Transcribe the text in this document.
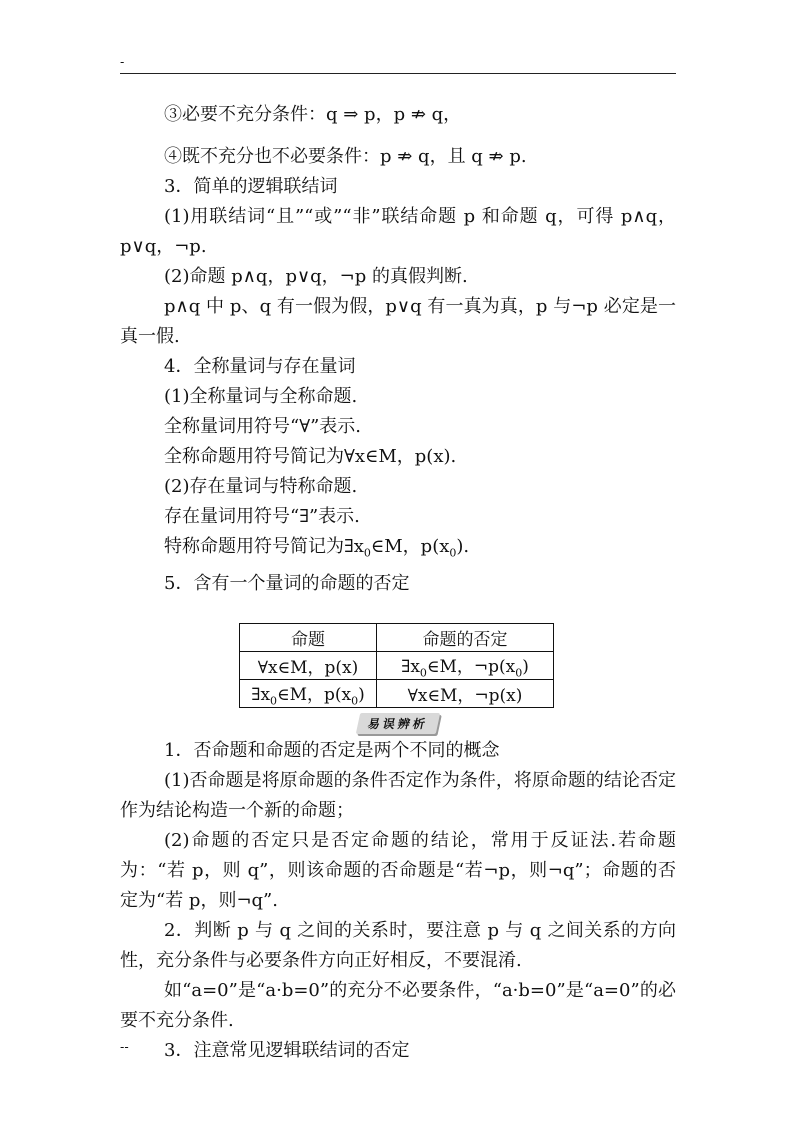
-

③必要不充分条件：q ⇒ p，p ⇏ q，

④既不充分也不必要条件：p ⇏ q，且 q ⇏ p.

3．简单的逻辑联结词

(1)用联结词“且”“或”“非”联结命题 p 和命题 q，可得 p∧q，p∨q，¬p.

(2)命题 p∧q，p∨q，¬p 的真假判断.

p∧q 中 p、q 有一假为假，p∨q 有一真为真，p 与¬p 必定是一真一假.

4．全称量词与存在量词

(1)全称量词与全称命题.

全称量词用符号“∀”表示.

全称命题用符号简记为∀x∈M，p(x).

(2)存在量词与特称命题.

存在量词用符号“∃”表示.

特称命题用符号简记为$\exists x_0\in M$，$p(x_0)$.

5．含有一个量词的命题的否定

命题	命题的否定
∀x∈M，p(x)	$\exists x_0\in M$，$\neg p(x_0)$
$\exists x_0\in M$，$p(x_0)$	∀x∈M，¬p(x)
易误辨析

1．否命题和命题的否定是两个不同的概念

(1)否命题是将原命题的条件否定作为条件，将原命题的结论否定作为结论构造一个新的命题；

(2)命题的否定只是否定命题的结论，常用于反证法.若命题为：“若 p，则 q”，则该命题的否命题是“若¬p，则¬q”；命题的否定为“若 p，则¬q”.

2．判断 p 与 q 之间的关系时，要注意 p 与 q 之间关系的方向性，充分条件与必要条件方向正好相反，不要混淆.

如“a=0”是“a·b=0”的充分不必要条件，“a·b=0”是“a=0”的必要不充分条件.

3．注意常见逻辑联结词的否定

--
